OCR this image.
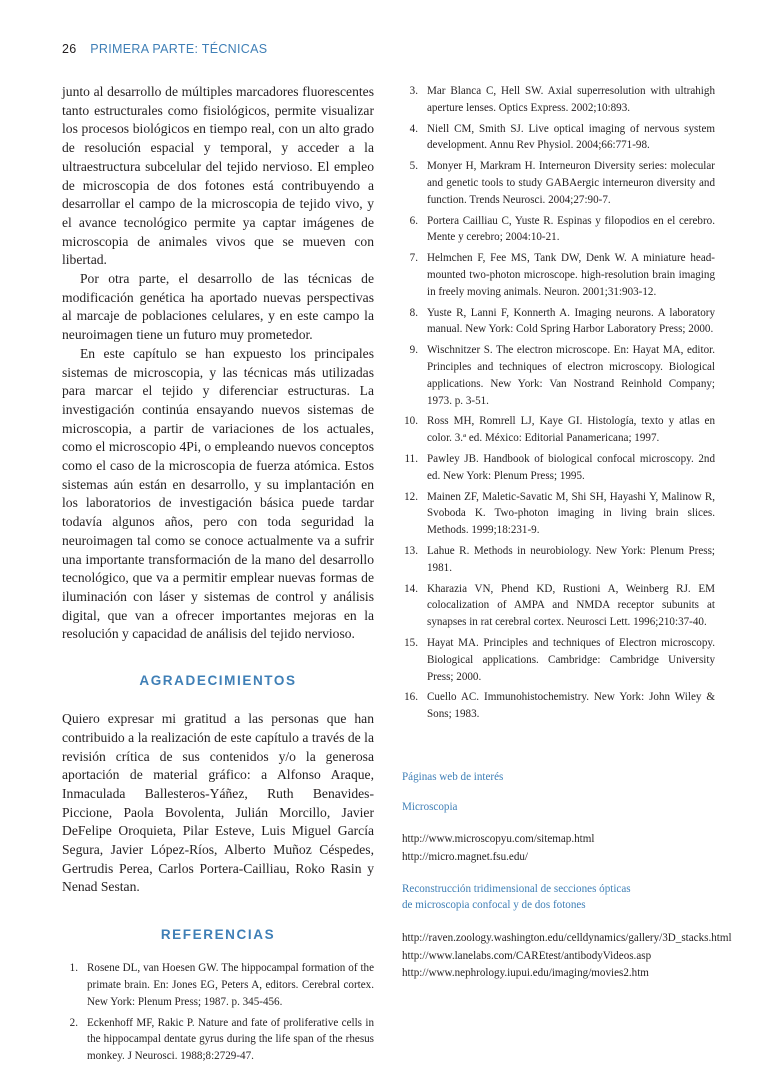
26 PRIMERA PARTE: TÉCNICAS

junto al desarrollo de múltiples marcadores fluorescentes tanto estructurales como fisiológicos, permite visualizar los procesos biológicos en tiempo real, con un alto grado de resolución espacial y temporal, y acceder a la ultraestructura subcelular del tejido nervioso. El empleo de microscopia de dos fotones está contribuyendo a desarrollar el campo de la microscopia de tejido vivo, y el avance tecnológico permite ya captar imágenes de microscopia de animales vivos que se mueven con libertad.

Por otra parte, el desarrollo de las técnicas de modificación genética ha aportado nuevas perspectivas al marcaje de poblaciones celulares, y en este campo la neuroimagen tiene un futuro muy prometedor.

En este capítulo se han expuesto los principales sistemas de microscopia, y las técnicas más utilizadas para marcar el tejido y diferenciar estructuras. La investigación continúa ensayando nuevos sistemas de microscopia, a partir de variaciones de los actuales, como el microscopio 4Pi, o empleando nuevos conceptos como el caso de la microscopia de fuerza atómica. Estos sistemas aún están en desarrollo, y su implantación en los laboratorios de investigación básica puede tardar todavía algunos años, pero con toda seguridad la neuroimagen tal como se conoce actualmente va a sufrir una importante transformación de la mano del desarrollo tecnológico, que va a permitir emplear nuevas formas de iluminación con láser y sistemas de control y análisis digital, que van a ofrecer importantes mejoras en la resolución y capacidad de análisis del tejido nervioso.

AGRADECIMIENTOS

Quiero expresar mi gratitud a las personas que han contribuido a la realización de este capítulo a través de la revisión crítica de sus contenidos y/o la generosa aportación de material gráfico: a Alfonso Araque, Inmaculada Ballesteros-Yáñez, Ruth Benavides-Piccione, Paola Bovolenta, Julián Morcillo, Javier DeFelipe Oroquieta, Pilar Esteve, Luis Miguel García Segura, Javier López-Ríos, Alberto Muñoz Céspedes, Gertrudis Perea, Carlos Portera-Cailliau, Roko Rasin y Nenad Sestan.

REFERENCIAS
1. Rosene DL, van Hoesen GW. The hippocampal formation of the primate brain. En: Jones EG, Peters A, editors. Cerebral cortex. New York: Plenum Press; 1987. p. 345-456.
2. Eckenhoff MF, Rakic P. Nature and fate of proliferative cells in the hippocampal dentate gyrus during the life span of the rhesus monkey. J Neurosci. 1988;8:2729-47.
3. Mar Blanca C, Hell SW. Axial superresolution with ultrahigh aperture lenses. Optics Express. 2002;10:893.
4. Niell CM, Smith SJ. Live optical imaging of nervous system development. Annu Rev Physiol. 2004;66:771-98.
5. Monyer H, Markram H. Interneuron Diversity series: molecular and genetic tools to study GABAergic interneuron diversity and function. Trends Neurosci. 2004;27:90-7.
6. Portera Cailliau C, Yuste R. Espinas y filopodios en el cerebro. Mente y cerebro; 2004:10-21.
7. Helmchen F, Fee MS, Tank DW, Denk W. A miniature head-mounted two-photon microscope. high-resolution brain imaging in freely moving animals. Neuron. 2001;31:903-12.
8. Yuste R, Lanni F, Konnerth A. Imaging neurons. A laboratory manual. New York: Cold Spring Harbor Laboratory Press; 2000.
9. Wischnitzer S. The electron microscope. En: Hayat MA, editor. Principles and techniques of electron microscopy. Biological applications. New York: Van Nostrand Reinhold Company; 1973. p. 3-51.
10. Ross MH, Romrell LJ, Kaye GI. Histología, texto y atlas en color. 3.ª ed. México: Editorial Panamericana; 1997.
11. Pawley JB. Handbook of biological confocal microscopy. 2nd ed. New York: Plenum Press; 1995.
12. Mainen ZF, Maletic-Savatic M, Shi SH, Hayashi Y, Malinow R, Svoboda K. Two-photon imaging in living brain slices. Methods. 1999;18:231-9.
13. Lahue R. Methods in neurobiology. New York: Plenum Press; 1981.
14. Kharazia VN, Phend KD, Rustioni A, Weinberg RJ. EM colocalization of AMPA and NMDA receptor subunits at synapses in rat cerebral cortex. Neurosci Lett. 1996;210:37-40.
15. Hayat MA. Principles and techniques of Electron microscopy. Biological applications. Cambridge: Cambridge University Press; 2000.
16. Cuello AC. Immunohistochemistry. New York: John Wiley & Sons; 1983.
Páginas web de interés
Microscopia
http://www.microscopyu.com/sitemap.html
http://micro.magnet.fsu.edu/
Reconstrucción tridimensional de secciones ópticas
de microscopia confocal y de dos fotones
http://raven.zoology.washington.edu/celldynamics/gallery/3D_stacks.html
http://www.lanelabs.com/CAREtest/antibodyVideos.asp
http://www.nephrology.iupui.edu/imaging/movies2.htm
